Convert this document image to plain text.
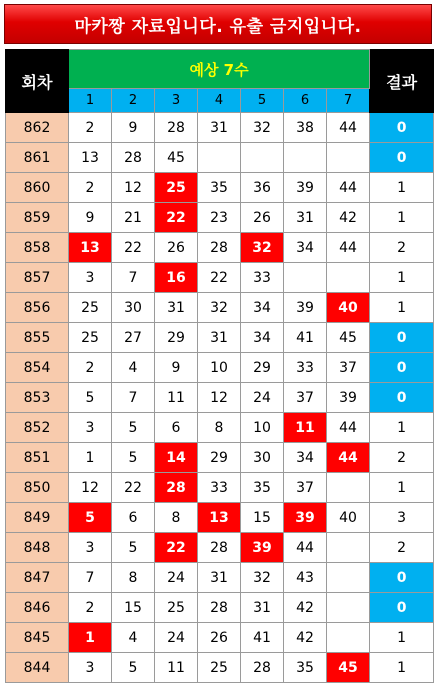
마카짱 자료입니다. 유출 금지입니다.
회차	예상 7수							결과
	1	2	3	4	5	6	7	
862	2	9	28	31	32	38	44	0
861	13	28	45					0
860	2	12	25	35	36	39	44	1
859	9	21	22	23	26	31	42	1
858	13	22	26	28	32	34	44	2
857	3	7	16	22	33			1
856	25	30	31	32	34	39	40	1
855	25	27	29	31	34	41	45	0
854	2	4	9	10	29	33	37	0
853	5	7	11	12	24	37	39	0
852	3	5	6	8	10	11	44	1
851	1	5	14	29	30	34	44	2
850	12	22	28	33	35	37		1
849	5	6	8	13	15	39	40	3
848	3	5	22	28	39	44		2
847	7	8	24	31	32	43		0
846	2	15	25	28	31	42		0
845	1	4	24	26	41	42		1
844	3	5	11	25	28	35	45	1
